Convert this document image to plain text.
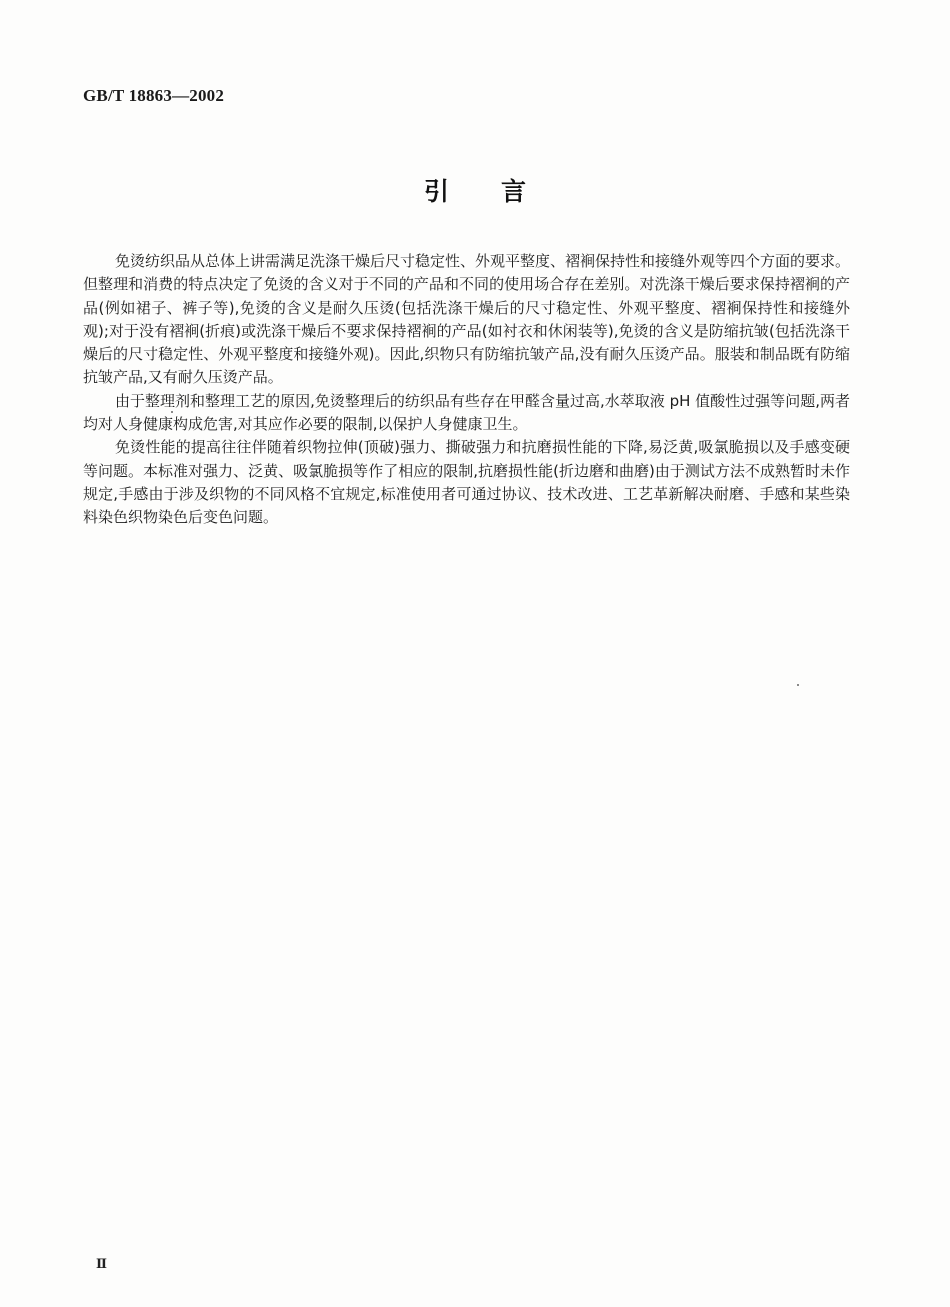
GB/T 18863—2002
引言

免烫纺织品从总体上讲需满足洗涤干燥后尺寸稳定性、外观平整度、褶裥保持性和接缝外观等四个方面的要求。但整理和消费的特点决定了免烫的含义对于不同的产品和不同的使用场合存在差别。对洗涤干燥后要求保持褶裥的产品(例如裙子、裤子等),免烫的含义是耐久压烫(包括洗涤干燥后的尺寸稳定性、外观平整度、褶裥保持性和接缝外观);对于没有褶裥(折痕)或洗涤干燥后不要求保持褶裥的产品(如衬衣和休闲装等),免烫的含义是防缩抗皱(包括洗涤干燥后的尺寸稳定性、外观平整度和接缝外观)。因此,织物只有防缩抗皱产品,没有耐久压烫产品。服装和制品既有防缩抗皱产品,又有耐久压烫产品。

由于整理剂和整理工艺的原因,免烫整理后的纺织品有些存在甲醛含量过高,水萃取液 pH 值酸性过强等问题,两者均对人身健康构成危害,对其应作必要的限制,以保护人身健康卫生。

免烫性能的提高往往伴随着织物拉伸(顶破)强力、撕破强力和抗磨损性能的下降,易泛黄,吸氯脆损以及手感变硬等问题。本标准对强力、泛黄、吸氯脆损等作了相应的限制,抗磨损性能(折边磨和曲磨)由于测试方法不成熟暂时未作规定,手感由于涉及织物的不同风格不宜规定,标准使用者可通过协议、技术改进、工艺革新解决耐磨、手感和某些染料染色织物染色后变色问题。

Ⅱ
